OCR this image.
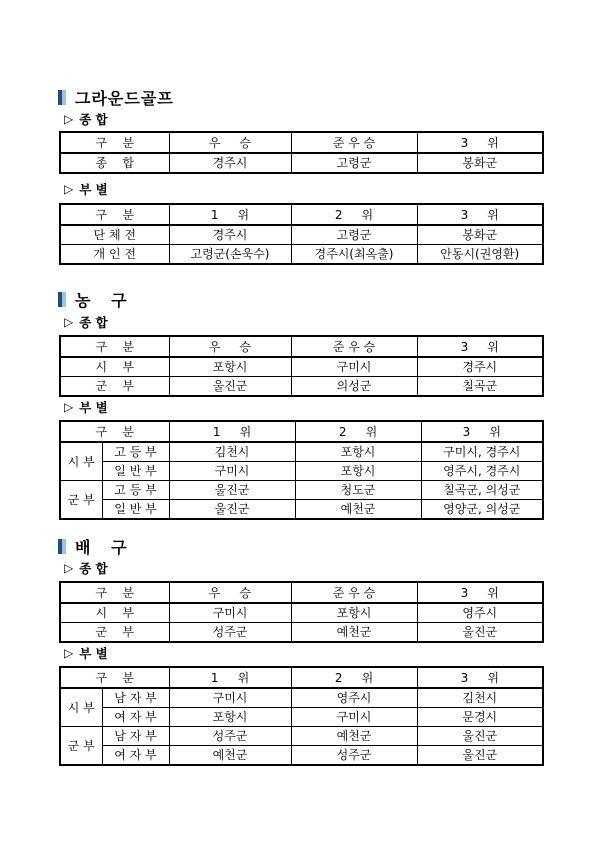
그라운드골프
▷ 종 합
구    분	우     승	준 우 승	3     위
종    합	경주시	고령군	봉화군
▷ 부 별
구    분	1     위	2     위	3     위
단 체 전	경주시	고령군	봉화군
개 인 전	고령군(손욱수)	경주시(최옥출)	안동시(권영환)
농   구
▷ 종 합
구    분	우     승	준 우 승	3     위
시    부	포항시	구미시	경주시
군    부	울진군	의성군	칠곡군
▷ 부 별
구    분		1     위	2     위	3     위
시 부	고 등 부	김천시	포항시	구미시, 경주시
	일 반 부	구미시	포항시	영주시, 경주시
군 부	고 등 부	울진군	청도군	칠곡군, 의성군
	일 반 부	울진군	예천군	영양군, 의성군
배   구
▷ 종 합
구    분	우     승	준 우 승	3     위
시    부	구미시	포항시	영주시
군    부	성주군	예천군	울진군
▷ 부 별
구    분		1     위	2     위	3     위
시 부	남 자 부	구미시	영주시	김천시
	여 자 부	포항시	구미시	문경시
군 부	남 자 부	성주군	예천군	울진군
	여 자 부	예천군	성주군	울진군
